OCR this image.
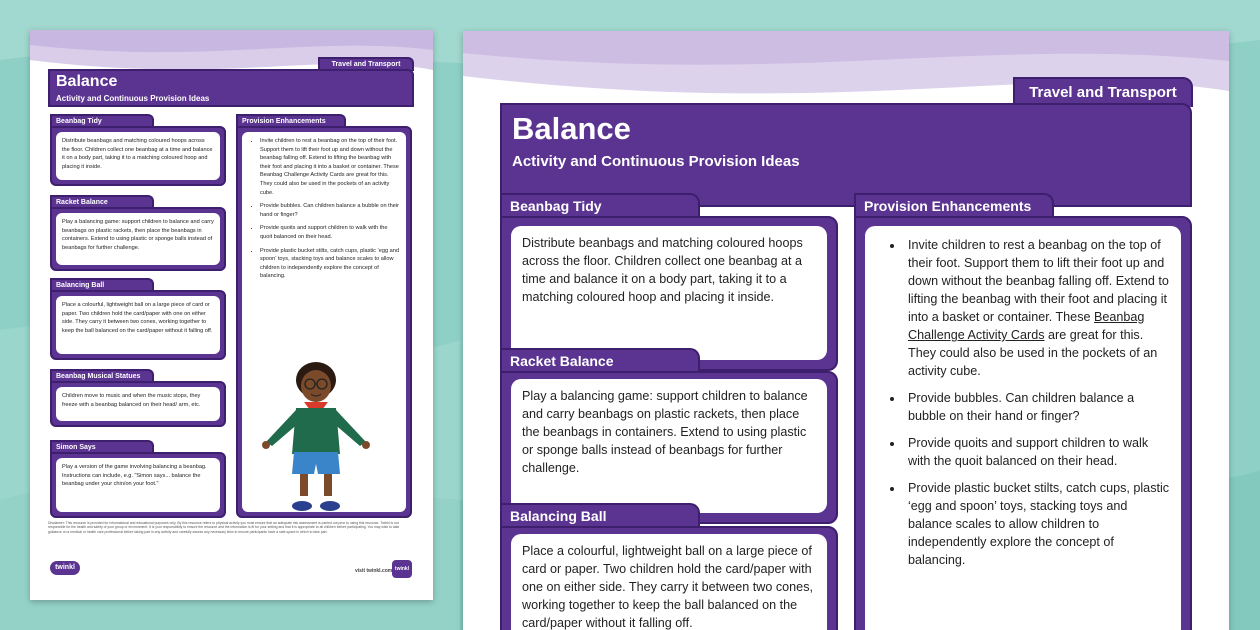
Travel and Transport
Balance
Activity and Continuous Provision Ideas
Beanbag Tidy
Distribute beanbags and matching coloured hoops across the floor. Children collect one beanbag at a time and balance it on a body part, taking it to a matching coloured hoop and placing it inside.
Racket Balance
Play a balancing game: support children to balance and carry beanbags on plastic rackets, then place the beanbags in containers. Extend to using plastic or sponge balls instead of beanbags for further challenge.
Balancing Ball
Place a colourful, lightweight ball on a large piece of card or paper. Two children hold the card/paper with one on either side. They carry it between two cones, working together to keep the ball balanced on the card/paper without it falling off.
Beanbag Musical Statues
Children move to music and when the music stops, they freeze with a beanbag balanced on their head/ arm, etc.
Simon Says
Play a version of the game involving balancing a beanbag. Instructions can include, e.g. "Simon says... balance the beanbag under your chin/on your foot."
Provision Enhancements
• Invite children to rest a beanbag on the top of their foot. Support them to lift their foot up and down without the beanbag falling off. Extend to lifting the beanbag with their foot and placing it into a basket or container. These Beanbag Challenge Activity Cards are great for this. They could also be used in the pockets of an activity cube.
• Provide bubbles. Can children balance a bubble on their hand or finger?
• Provide quoits and support children to walk with the quoit balanced on their head.
• Provide plastic bucket stilts, catch cups, plastic ‘egg and spoon’ toys, stacking toys and balance scales to allow children to independently explore the concept of balancing.
Disclaimer: This resource is provided for informational and educational purposes only. By this resource refers to physical activity you must ensure that an adequate risk assessment is carried out prior to using this resource. Twinkl is not responsible for the health and safety of your group or environment. It is your responsibility to ensure the resource and the information is fit for your setting and that it is appropriate to all children before participating. You may wish to take guidance on a medical or health care professional before taking part in any activity and carefully assess any necessary links to ensure participants have a safe space in which to take part.
twinkl	visit twinkl.com twinkl
Travel and Transport
Balance
Activity and Continuous Provision Ideas
Beanbag Tidy
Distribute beanbags and matching coloured hoops across the floor. Children collect one beanbag at a time and balance it on a body part, taking it to a matching coloured hoop and placing it inside.
Racket Balance
Play a balancing game: support children to balance and carry beanbags on plastic rackets, then place the beanbags in containers. Extend to using plastic or sponge balls instead of beanbags for further challenge.
Balancing Ball
Place a colourful, lightweight ball on a large piece of card or paper. Two children hold the card/paper with one on either side. They carry it between two cones, working together to keep the ball balanced on the card/paper without it falling off.
Provision Enhancements
• Invite children to rest a beanbag on the top of their foot. Support them to lift their foot up and down without the beanbag falling off. Extend to lifting the beanbag with their foot and placing it into a basket or container. These Beanbag Challenge Activity Cards are great for this. They could also be used in the pockets of an activity cube.
• Provide bubbles. Can children balance a bubble on their hand or finger?
• Provide quoits and support children to walk with the quoit balanced on their head.
• Provide plastic bucket stilts, catch cups, plastic ‘egg and spoon’ toys, stacking toys and balance scales to allow children to independently explore the concept of balancing.
